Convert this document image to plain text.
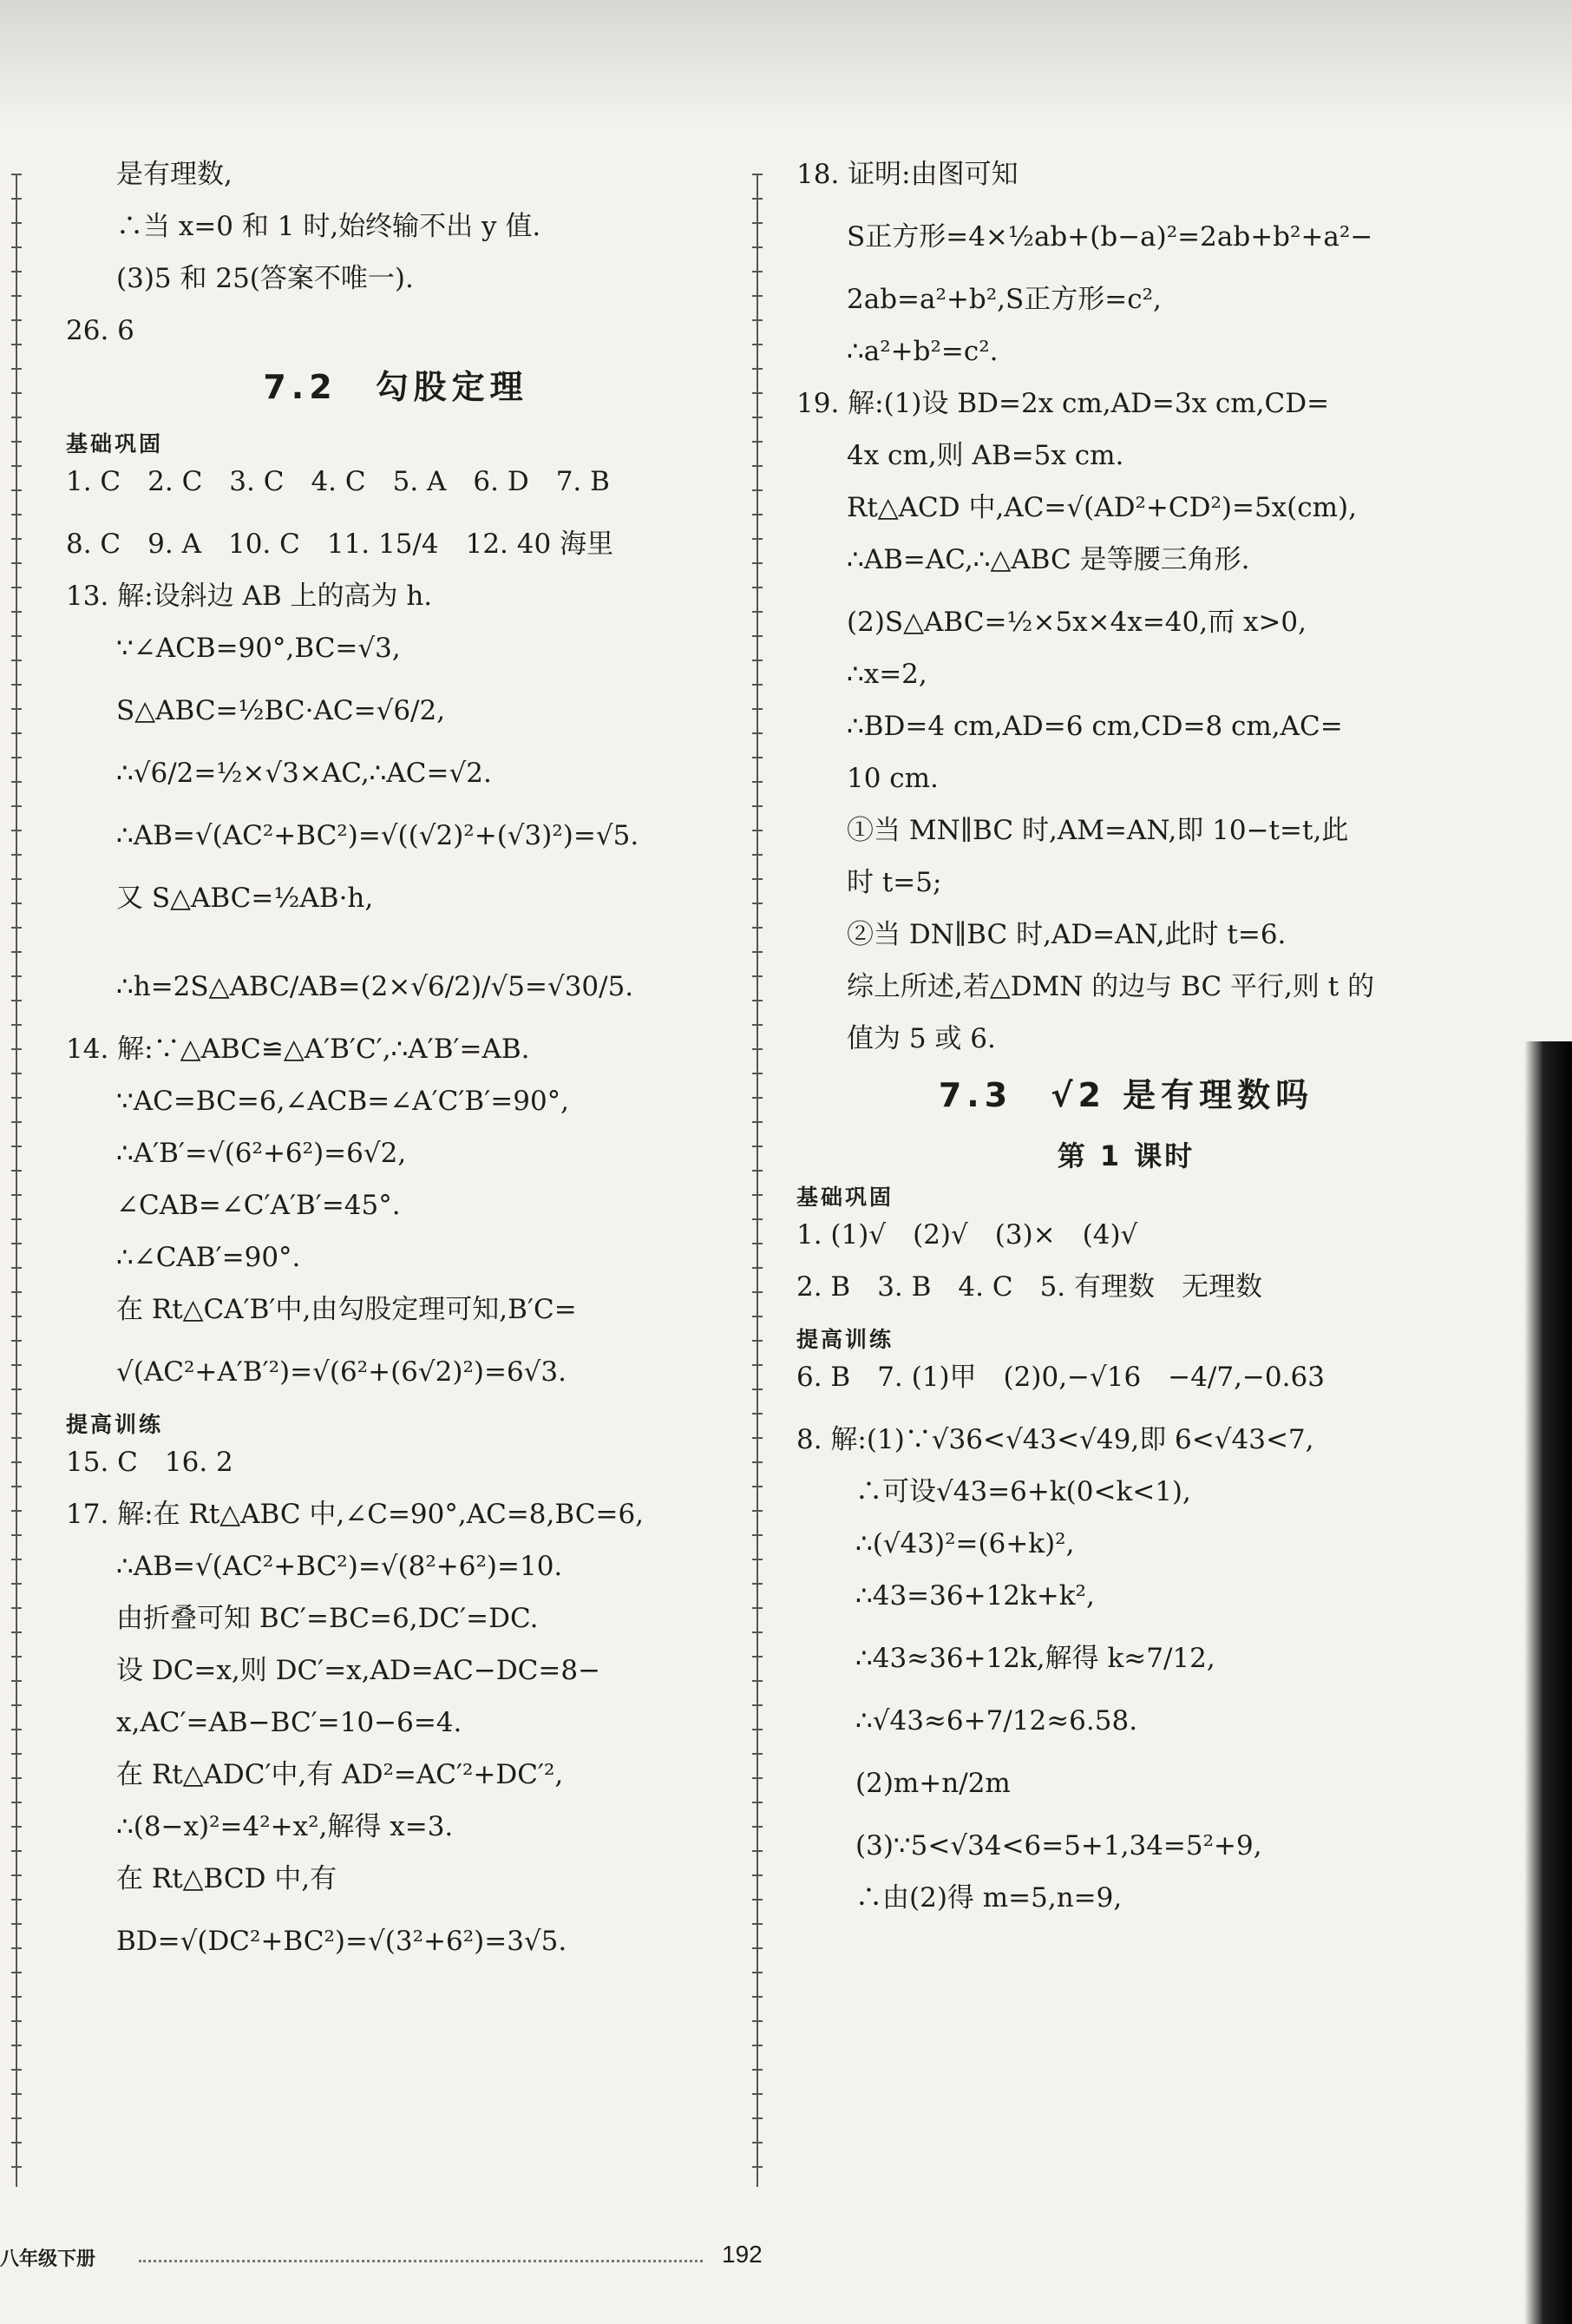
是有理数,
∴当 x=0 和 1 时,始终输不出 y 值.
(3)5 和 25(答案不唯一).
26. 6
7.2　勾股定理
基础巩固
1. C　2. C　3. C　4. C　5. A　6. D　7. B
8. C　9. A　10. C　11. 15/4　12. 40 海里
13. 解:设斜边 AB 上的高为 h.
∵∠ACB=90°,BC=√3,
S△ABC=½BC·AC=√6/2,
∴√6/2=½×√3×AC,∴AC=√2.
∴AB=√(AC²+BC²)=√((√2)²+(√3)²)=√5.
又 S△ABC=½AB·h,
∴h=2S△ABC/AB=(2×√6/2)/√5=√30/5.
14. 解:∵△ABC≌△A′B′C′,∴A′B′=AB.
∵AC=BC=6,∠ACB=∠A′C′B′=90°,
∴A′B′=√(6²+6²)=6√2,
∠CAB=∠C′A′B′=45°.
∴∠CAB′=90°.
在 Rt△CA′B′中,由勾股定理可知,B′C=
√(AC²+A′B′²)=√(6²+(6√2)²)=6√3.
提高训练
15. C　16. 2
17. 解:在 Rt△ABC 中,∠C=90°,AC=8,BC=6,
∴AB=√(AC²+BC²)=√(8²+6²)=10.
由折叠可知 BC′=BC=6,DC′=DC.
设 DC=x,则 DC′=x,AD=AC−DC=8−
x,AC′=AB−BC′=10−6=4.
在 Rt△ADC′中,有 AD²=AC′²+DC′²,
∴(8−x)²=4²+x²,解得 x=3.
在 Rt△BCD 中,有
BD=√(DC²+BC²)=√(3²+6²)=3√5.
18. 证明:由图可知
S正方形=4×½ab+(b−a)²=2ab+b²+a²−
2ab=a²+b²,S正方形=c²,
∴a²+b²=c².
19. 解:(1)设 BD=2x cm,AD=3x cm,CD=
4x cm,则 AB=5x cm.
Rt△ACD 中,AC=√(AD²+CD²)=5x(cm),
∴AB=AC,∴△ABC 是等腰三角形.
(2)S△ABC=½×5x×4x=40,而 x>0,
∴x=2,
∴BD=4 cm,AD=6 cm,CD=8 cm,AC=
10 cm.
①当 MN∥BC 时,AM=AN,即 10−t=t,此
时 t=5;
②当 DN∥BC 时,AD=AN,此时 t=6.
综上所述,若△DMN 的边与 BC 平行,则 t 的
值为 5 或 6.
7.3　√2 是有理数吗
第 1 课时
基础巩固
1. (1)√　(2)√　(3)×　(4)√
2. B　3. B　4. C　5. 有理数　无理数
提高训练
6. B　7. (1)甲　(2)0,−√16　−4/7,−0.63̇
8. 解:(1)∵√36<√43<√49,即 6<√43<7,
∴可设√43=6+k(0<k<1),
∴(√43)²=(6+k)²,
∴43=36+12k+k²,
∴43≈36+12k,解得 k≈7/12,
∴√43≈6+7/12≈6.58.
(2)m+n/2m
(3)∵5<√34<6=5+1,34=5²+9,
∴由(2)得 m=5,n=9,
八年级下册	192
